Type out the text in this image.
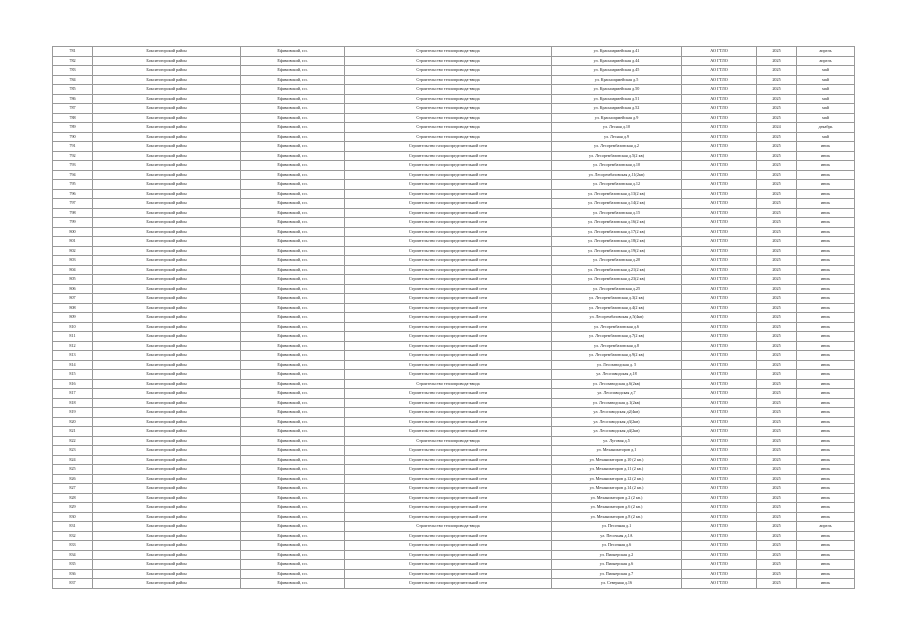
781	Бокситогорский район	Ефимовский, г.п.	Строительство теплопровода-ввода	ул. Красноармейская д.41	АО ГТЛО	2025	апрель
782	Бокситогорский район	Ефимовский, г.п.	Строительство теплопровода-ввода	ул. Красноармейская д.44	АО ГТЛО	2025	апрель
783	Бокситогорский район	Ефимовский, г.п.	Строительство теплопровода-ввода	ул. Красноармейская д.45	АО ГТЛО	2025	май
784	Бокситогорский район	Ефимовский, г.п.	Строительство теплопровода-ввода	ул. Красноармейская д.5	АО ГТЛО	2025	май
785	Бокситогорский район	Ефимовский, г.п.	Строительство теплопровода-ввода	ул. Красноармейская д.50	АО ГТЛО	2025	май
786	Бокситогорский район	Ефимовский, г.п.	Строительство теплопровода-ввода	ул. Красноармейская д.51	АО ГТЛО	2025	май
787	Бокситогорский район	Ефимовский, г.п.	Строительство теплопровода-ввода	ул. Красноармейская д.52	АО ГТЛО	2025	май
788	Бокситогорский район	Ефимовский, г.п.	Строительство теплопровода-ввода	ул. Красноармейская д.9	АО ГТЛО	2025	май
789	Бокситогорский район	Ефимовский, г.п.	Строительство теплопровода-ввода	ул. Лесная д.10	АО ГТЛО	2024	декабрь
790	Бокситогорский район	Ефимовский, г.п.	Строительство теплопровода-ввода	ул. Лесная д.9	АО ГТЛО	2025	май
791	Бокситогорский район	Ефимовский, г.п.	Строительство газораспределительной сети	ул. Лесорембазовская д.2	АО ГТЛО	2025	июль
792	Бокситогорский район	Ефимовский, г.п.	Строительство газораспределительной сети	ул. Лесорембазовская д.5(2 кв)	АО ГТЛО	2025	июль
793	Бокситогорский район	Ефимовский, г.п.	Строительство газораспределительной сети	ул. Лесорембазовская д.10	АО ГТЛО	2025	июль
794	Бокситогорский район	Ефимовский, г.п.	Строительство газораспределительной сети	ул. Лесорембазовская д.11(2кв)	АО ГТЛО	2025	июль
795	Бокситогорский район	Ефимовский, г.п.	Строительство газораспределительной сети	ул. Лесорембазовская д.12	АО ГТЛО	2025	июль
796	Бокситогорский район	Ефимовский, г.п.	Строительство газораспределительной сети	ул. Лесорембазовская д.13(2 кв)	АО ГТЛО	2025	июль
797	Бокситогорский район	Ефимовский, г.п.	Строительство газораспределительной сети	ул. Лесорембазовская д.14(2 кв)	АО ГТЛО	2025	июль
798	Бокситогорский район	Ефимовский, г.п.	Строительство газораспределительной сети	ул. Лесорембазовская д.15	АО ГТЛО	2025	июль
799	Бокситогорский район	Ефимовский, г.п.	Строительство газораспределительной сети	ул. Лесорембазовская д.16(2 кв)	АО ГТЛО	2025	июль
800	Бокситогорский район	Ефимовский, г.п.	Строительство газораспределительной сети	ул. Лесорембазовская д.17(2 кв)	АО ГТЛО	2025	июль
801	Бокситогорский район	Ефимовский, г.п.	Строительство газораспределительной сети	ул. Лесорембазовская д.18(2 кв)	АО ГТЛО	2025	июль
802	Бокситогорский район	Ефимовский, г.п.	Строительство газораспределительной сети	ул. Лесорембазовская д.19(2 кв)	АО ГТЛО	2025	июль
803	Бокситогорский район	Ефимовский, г.п.	Строительство газораспределительной сети	ул. Лесорембазовская д.20	АО ГТЛО	2025	июль
804	Бокситогорский район	Ефимовский, г.п.	Строительство газораспределительной сети	ул. Лесорембазовская д.21(2 кв)	АО ГТЛО	2025	июль
805	Бокситогорский район	Ефимовский, г.п.	Строительство газораспределительной сети	ул. Лесорембазовская д.23(2 кв)	АО ГТЛО	2025	июль
806	Бокситогорский район	Ефимовский, г.п.	Строительство газораспределительной сети	ул. Лесорембазовская д.25	АО ГТЛО	2025	июль
807	Бокситогорский район	Ефимовский, г.п.	Строительство газораспределительной сети	ул. Лесорембазовская д.3(2 кв)	АО ГТЛО	2025	июль
808	Бокситогорский район	Ефимовский, г.п.	Строительство газораспределительной сети	ул. Лесорембазовская д.4(2 кв)	АО ГТЛО	2025	июль
809	Бокситогорский район	Ефимовский, г.п.	Строительство газораспределительной сети	ул. Лесорембазовская д.5(4кв)	АО ГТЛО	2025	июль
810	Бокситогорский район	Ефимовский, г.п.	Строительство газораспределительной сети	ул. Лесорембазовская д.6	АО ГТЛО	2025	июль
811	Бокситогорский район	Ефимовский, г.п.	Строительство газораспределительной сети	ул. Лесорембазовская д.7(2 кв)	АО ГТЛО	2025	июль
812	Бокситогорский район	Ефимовский, г.п.	Строительство газораспределительной сети	ул. Лесорембазовская д.8	АО ГТЛО	2025	июль
813	Бокситогорский район	Ефимовский, г.п.	Строительство газораспределительной сети	ул. Лесорембазовская д.9(2 кв)	АО ГТЛО	2025	июль
814	Бокситогорский район	Ефимовский, г.п.	Строительство газораспределительной сети	ул. Лесозаводская д. 5	АО ГТЛО	2025	июль
815	Бокситогорский район	Ефимовский, г.п.	Строительство газораспределительной сети	ул. Лесозаводская д.18	АО ГТЛО	2025	июль
816	Бокситогорский район	Ефимовский, г.п.	Строительство теплопровода-ввода	ул. Лесозаводская д.6(2кв)	АО ГТЛО	2025	июль
817	Бокситогорский район	Ефимовский, г.п.	Строительство газораспределительной сети	ул. Лесозаводская д.7	АО ГТЛО	2025	июль
818	Бокситогорский район	Ефимовский, г.п.	Строительство газораспределительной сети	ул. Лесозаводская д.1(2кв)	АО ГТЛО	2025	июль
819	Бокситогорский район	Ефимовский, г.п.	Строительство газораспределительной сети	ул. Лесозаводская д2(4кв)	АО ГТЛО	2025	июль
820	Бокситогорский район	Ефимовский, г.п.	Строительство газораспределительной сети	ул. Лесозаводская д3(2кв)	АО ГТЛО	2025	июль
821	Бокситогорский район	Ефимовский, г.п.	Строительство газораспределительной сети	ул. Лесозаводская д4(2кв)	АО ГТЛО	2025	июль
822	Бокситогорский район	Ефимовский, г.п.	Строительство теплопровода-ввода	ул. Луговая д.5	АО ГТЛО	2025	июль
823	Бокситогорский район	Ефимовский, г.п.	Строительство газораспределительной сети	ул. Механизаторов д.1	АО ГТЛО	2025	июль
824	Бокситогорский район	Ефимовский, г.п.	Строительство газораспределительной сети	ул. Механизаторов д.10 (2 кв.)	АО ГТЛО	2025	июль
825	Бокситогорский район	Ефимовский, г.п.	Строительство газораспределительной сети	ул. Механизаторов д.11 (2 кв.)	АО ГТЛО	2025	июль
826	Бокситогорский район	Ефимовский, г.п.	Строительство газораспределительной сети	ул. Механизаторов д.12 (2 кв.)	АО ГТЛО	2025	июль
827	Бокситогорский район	Ефимовский, г.п.	Строительство газораспределительной сети	ул. Механизаторов д.14 (2 кв.)	АО ГТЛО	2025	июль
828	Бокситогорский район	Ефимовский, г.п.	Строительство газораспределительной сети	ул. Механизаторов д.2 (2 кв.)	АО ГТЛО	2025	июль
829	Бокситогорский район	Ефимовский, г.п.	Строительство газораспределительной сети	ул. Механизаторов д.6 (2 кв.)	АО ГТЛО	2025	июль
830	Бокситогорский район	Ефимовский, г.п.	Строительство газораспределительной сети	ул. Механизаторов д.8 (2 кв.)	АО ГТЛО	2025	июль
831	Бокситогорский район	Ефимовский, г.п.	Строительство теплопровода-ввода	ул. Песочная д.1	АО ГТЛО	2025	апрель
832	Бокситогорский район	Ефимовский, г.п.	Строительство газораспределительной сети	ул. Песочная д.1А	АО ГТЛО	2025	июль
833	Бокситогорский район	Ефимовский, г.п.	Строительство газораспределительной сети	ул. Песочная д.6	АО ГТЛО	2025	июль
834	Бокситогорский район	Ефимовский, г.п.	Строительство газораспределительной сети	ул. Пионерская д.2	АО ГТЛО	2025	июль
835	Бокситогорский район	Ефимовский, г.п.	Строительство газораспределительной сети	ул. Пионерская д.6	АО ГТЛО	2025	июль
836	Бокситогорский район	Ефимовский, г.п.	Строительство газораспределительной сети	ул. Пионерская д.7	АО ГТЛО	2025	июль
837	Бокситогорский район	Ефимовский, г.п.	Строительство газораспределительной сети	ул. Северная д.16	АО ГТЛО	2025	июль
